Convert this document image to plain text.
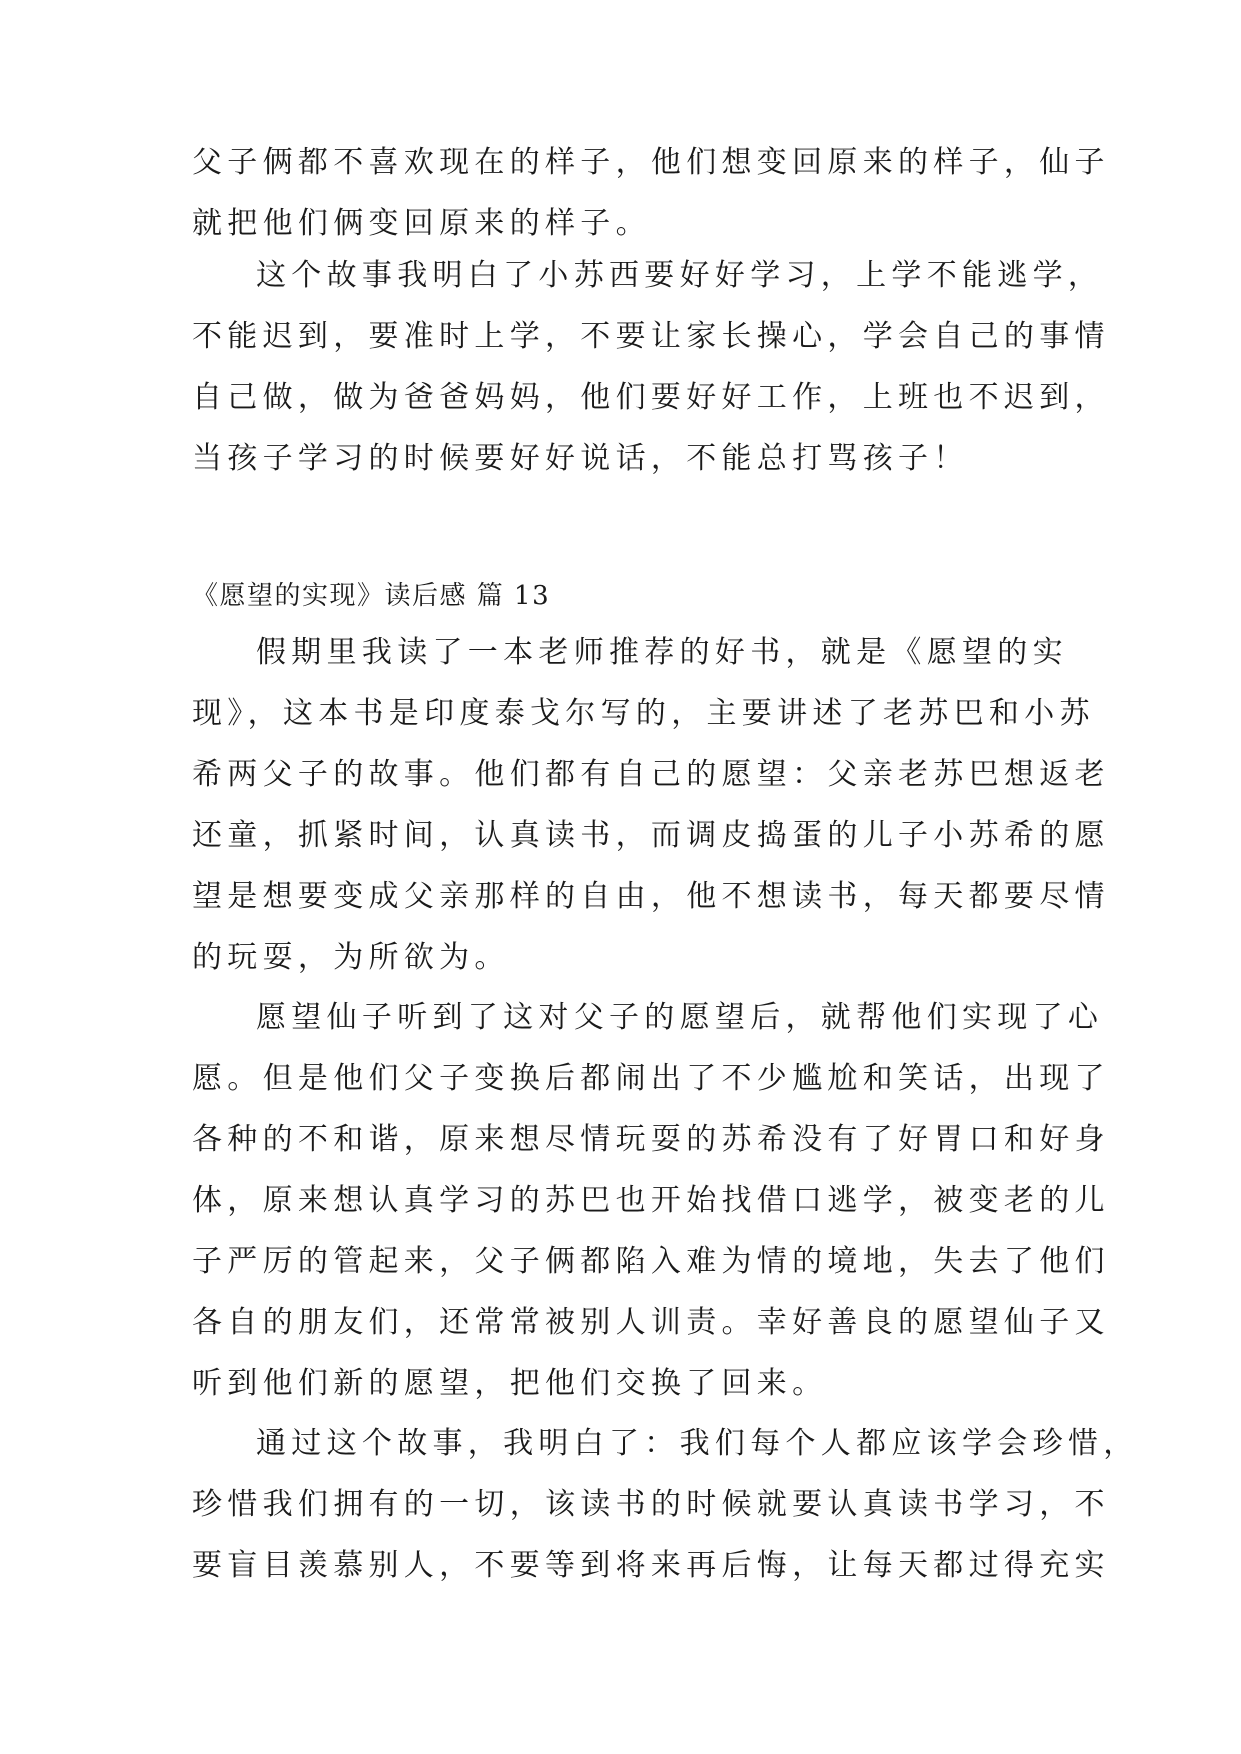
父子俩都不喜欢现在的样子，他们想变回原来的样子，仙子
就把他们俩变回原来的样子。
这个故事我明白了小苏西要好好学习，上学不能逃学，
不能迟到，要准时上学，不要让家长操心，学会自己的事情
自己做，做为爸爸妈妈，他们要好好工作，上班也不迟到，
当孩子学习的时候要好好说话，不能总打骂孩子！
《愿望的实现》读后感 篇 13
假期里我读了一本老师推荐的好书，就是《愿望的实
现》，这本书是印度泰戈尔写的，主要讲述了老苏巴和小苏
希两父子的故事。他们都有自己的愿望：父亲老苏巴想返老
还童，抓紧时间，认真读书，而调皮捣蛋的儿子小苏希的愿
望是想要变成父亲那样的自由，他不想读书，每天都要尽情
的玩耍，为所欲为。
愿望仙子听到了这对父子的愿望后，就帮他们实现了心
愿。但是他们父子变换后都闹出了不少尴尬和笑话，出现了
各种的不和谐，原来想尽情玩耍的苏希没有了好胃口和好身
体，原来想认真学习的苏巴也开始找借口逃学，被变老的儿
子严厉的管起来，父子俩都陷入难为情的境地，失去了他们
各自的朋友们，还常常被别人训责。幸好善良的愿望仙子又
听到他们新的愿望，把他们交换了回来。
通过这个故事，我明白了：我们每个人都应该学会珍惜，
珍惜我们拥有的一切，该读书的时候就要认真读书学习，不
要盲目羡慕别人，不要等到将来再后悔，让每天都过得充实
